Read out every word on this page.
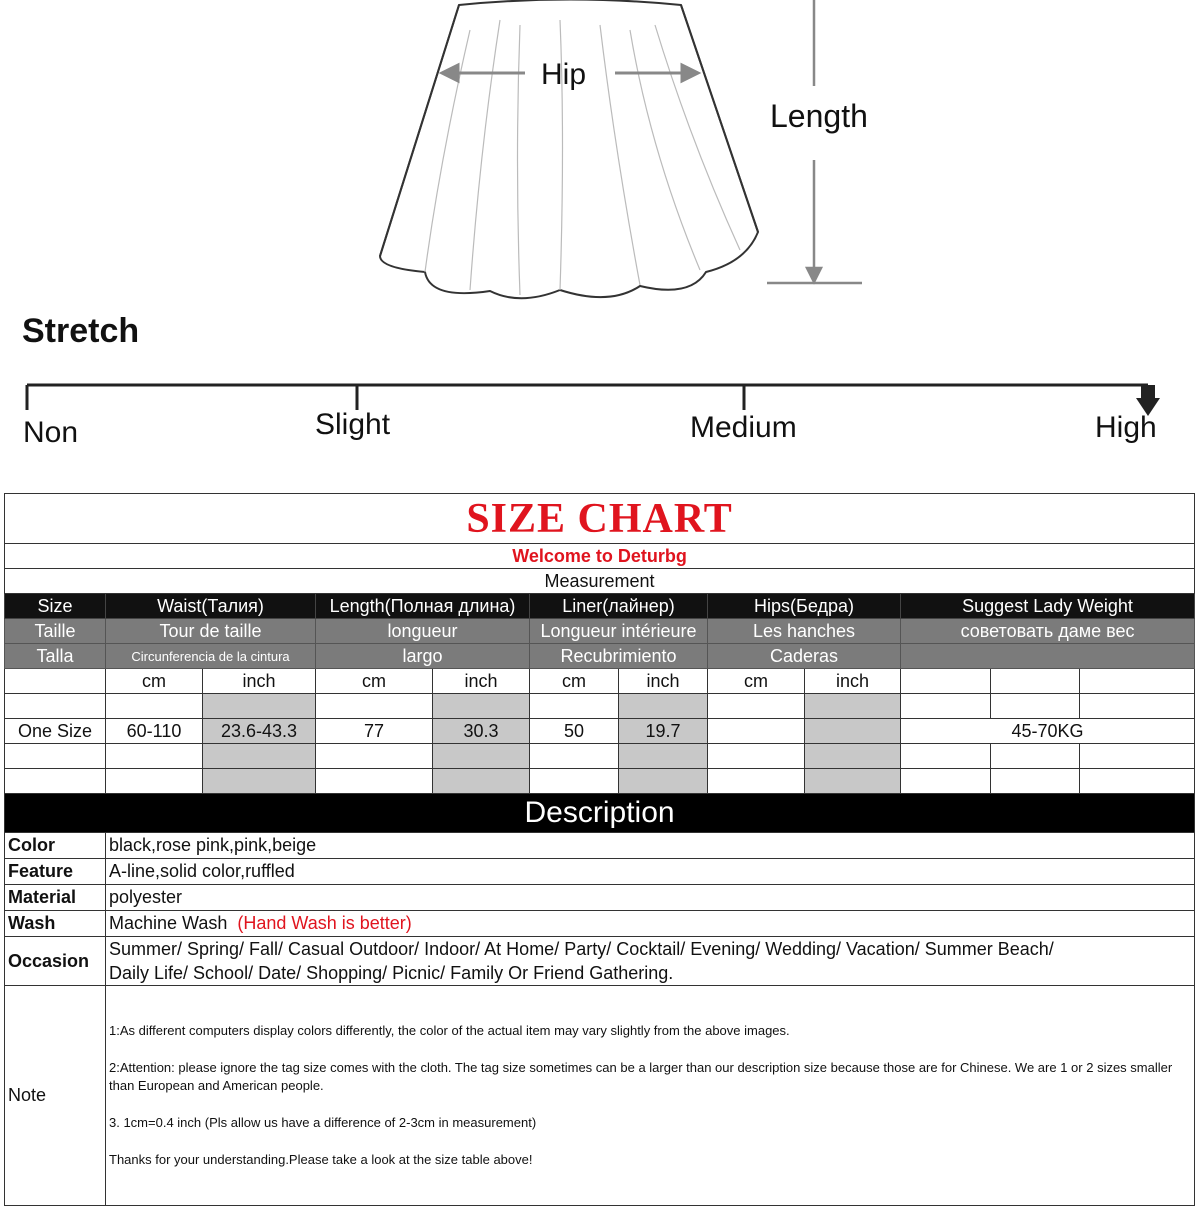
Hip
Length
Stretch
Non	Slight	Medium	High
SIZE CHART											
Welcome to Deturbg											
Measurement											
Size	Waist(Талия)		Length(Полная длина)		Liner(лайнер)		Hips(Бедра)		Suggest Lady Weight		
Taille	Tour de taille		longueur		Longueur intérieure		Les hanches		советовать даме вес		
Talla	Circunferencia de la cintura		largo		Recubrimiento		Caderas				
	cm	inch	cm	inch	cm	inch	cm	inch			

One Size	60-110	23.6-43.3	77	30.3	50	19.7			45-70KG		

Description											
Color	black,rose pink,pink,beige										
Feature	A-line,solid color,ruffled										
Material	polyester										
Wash	Machine Wash (Hand Wash is better)										
Occasion	Summer/ Spring/ Fall/ Casual Outdoor/ Indoor/ At Home/ Party/ Cocktail/ Evening/ Wedding/ Vacation/ Summer Beach/
Daily Life/ School/ Date/ Shopping/ Picnic/ Family Or Friend Gathering.										

Note	1:As different computers display colors differently, the color of the actual item may vary slightly from the above images.

2:Attention: please ignore the tag size comes with the cloth. The tag size sometimes can be a larger than our description size because those are for Chinese. We are 1 or 2 sizes smaller than European and American people.

3. 1cm=0.4 inch (Pls allow us have a difference of 2-3cm in measurement)

Thanks for your understanding.Please take a look at the size table above!										
